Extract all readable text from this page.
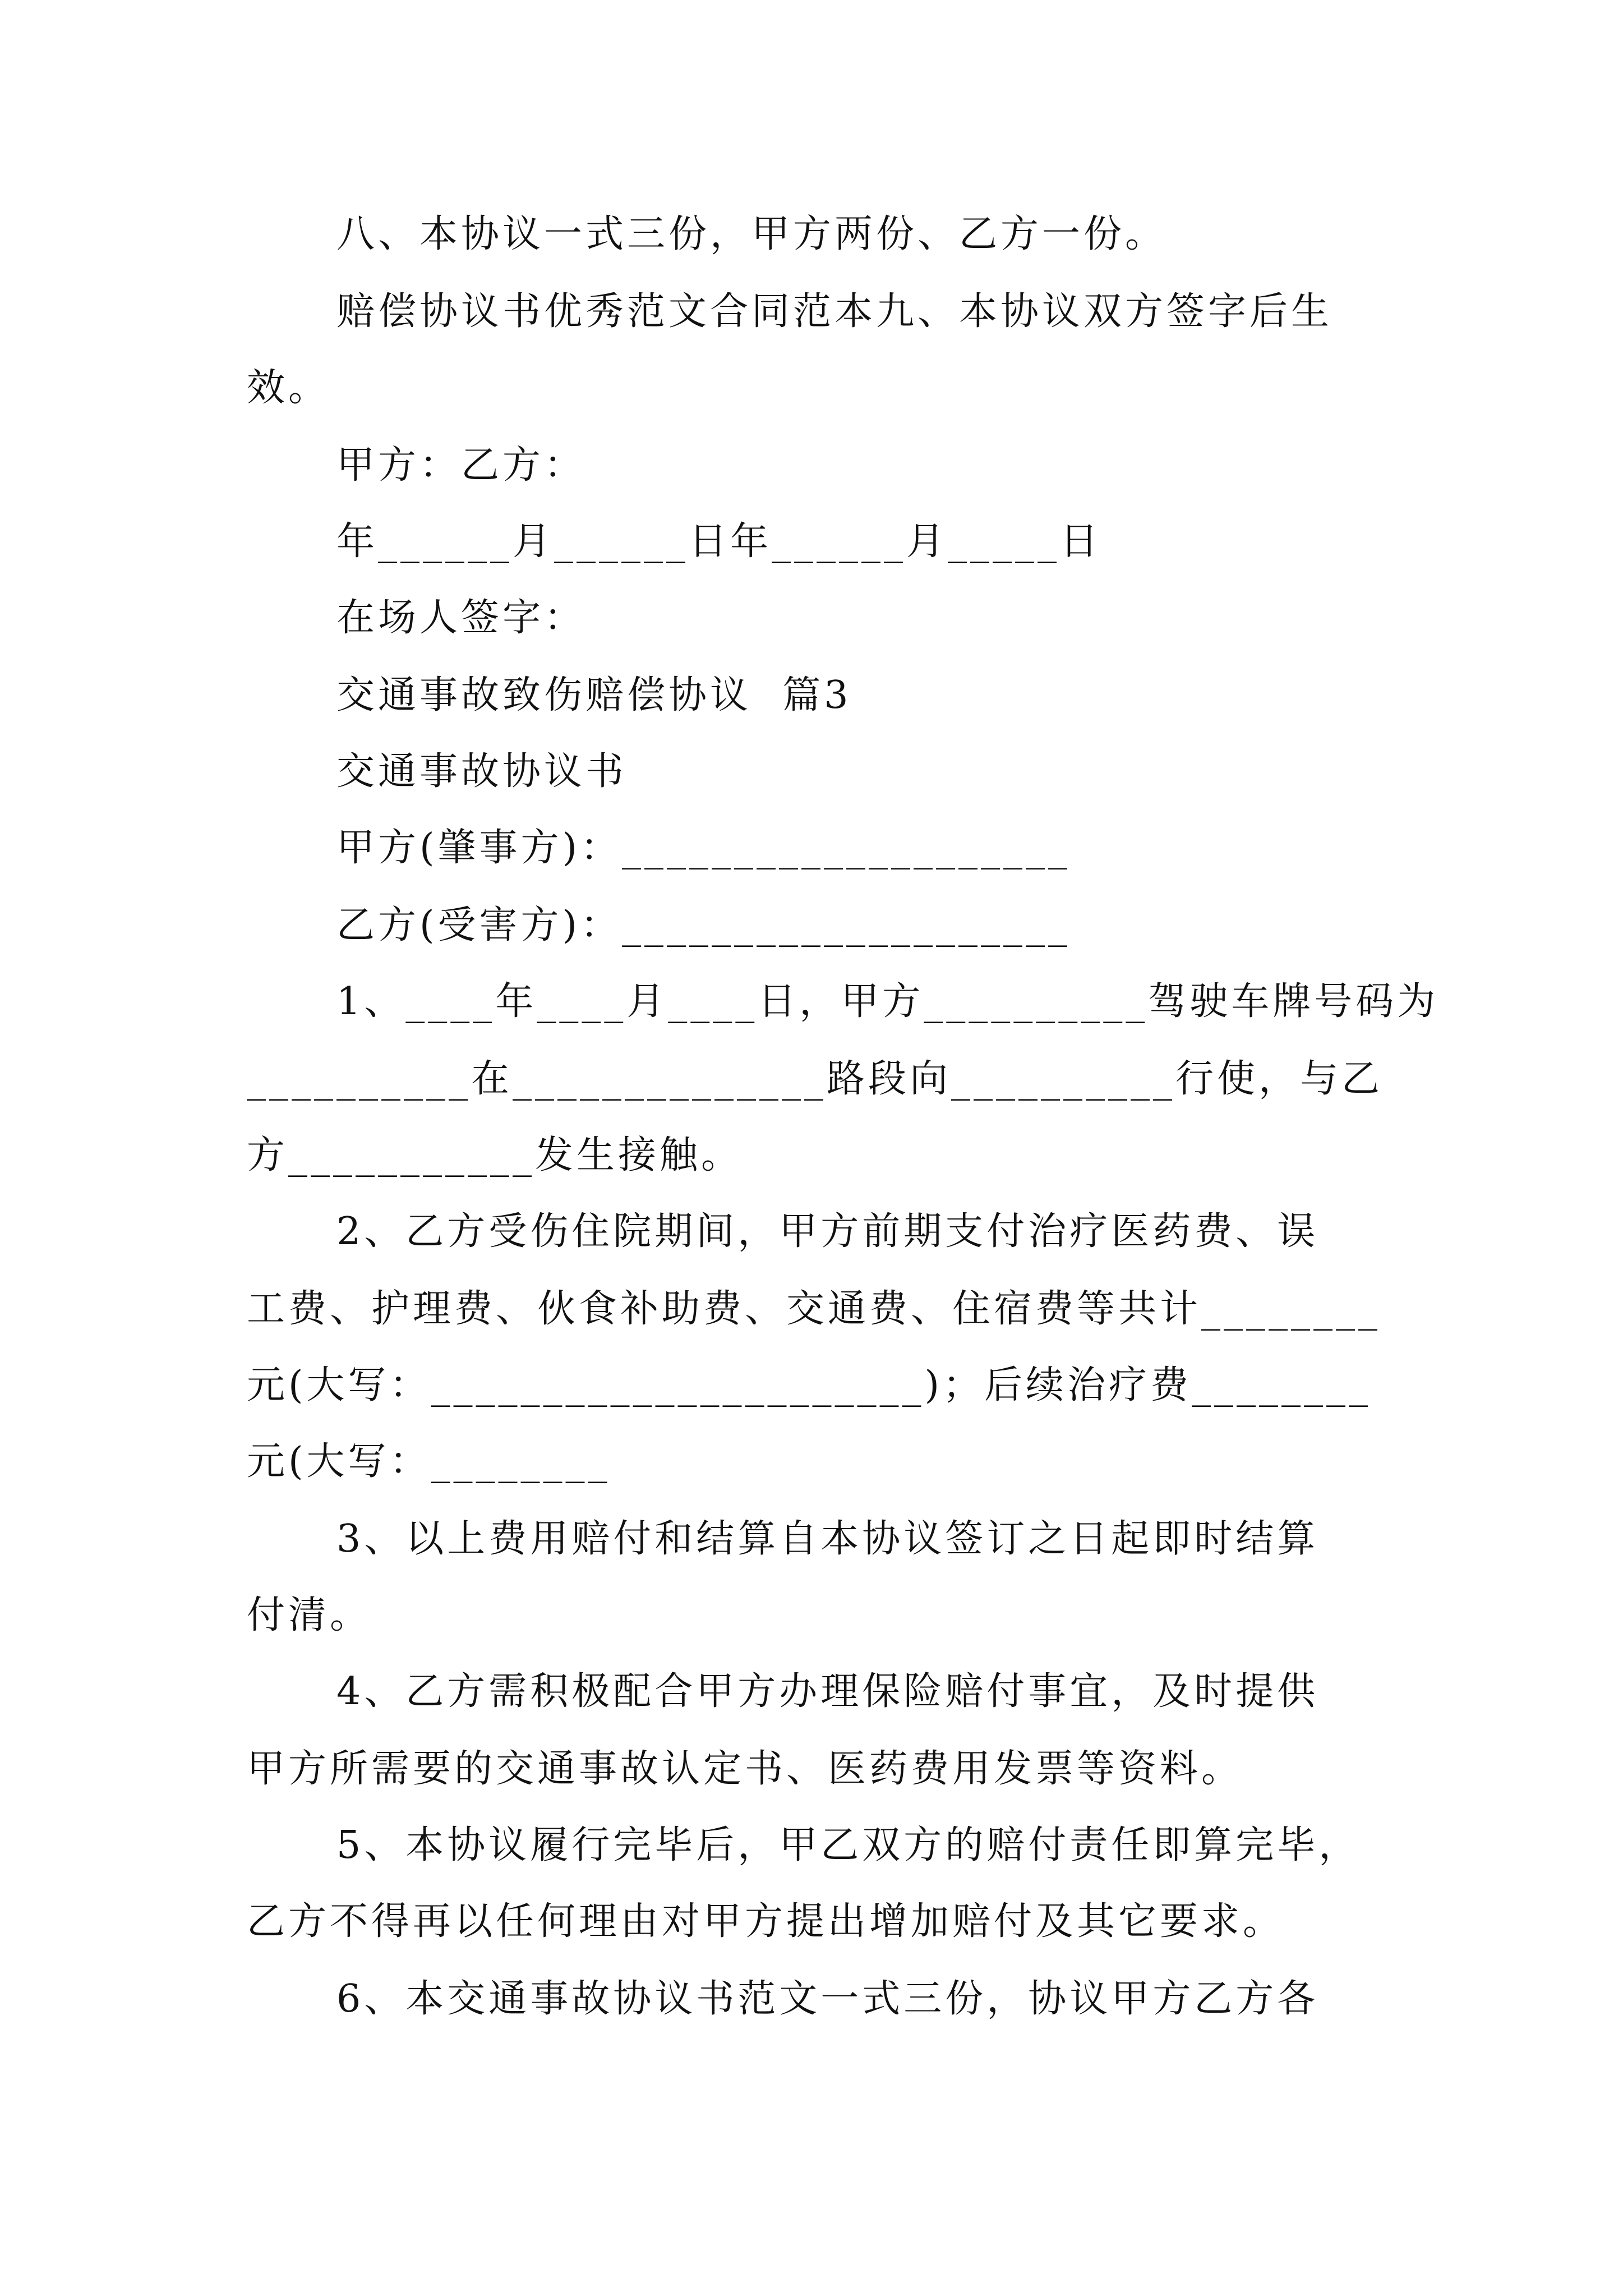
八、本协议一式三份，甲方两份、乙方一份。
赔偿协议书优秀范文合同范本九、本协议双方签字后生
效。
甲方：乙方：
年______月______日年______月_____日
在场人签字：
交通事故致伤赔偿协议  篇3
交通事故协议书
甲方(肇事方)：____________________
乙方(受害方)：____________________
1、____年____月____日，甲方__________驾驶车牌号码为
__________在______________路段向__________行使，与乙
方___________发生接触。
2、乙方受伤住院期间，甲方前期支付治疗医药费、误
工费、护理费、伙食补助费、交通费、住宿费等共计________
元(大写：______________________)；后续治疗费________
元(大写：________
3、以上费用赔付和结算自本协议签订之日起即时结算
付清。
4、乙方需积极配合甲方办理保险赔付事宜，及时提供
甲方所需要的交通事故认定书、医药费用发票等资料。
5、本协议履行完毕后，甲乙双方的赔付责任即算完毕，
乙方不得再以任何理由对甲方提出增加赔付及其它要求。
6、本交通事故协议书范文一式三份，协议甲方乙方各
